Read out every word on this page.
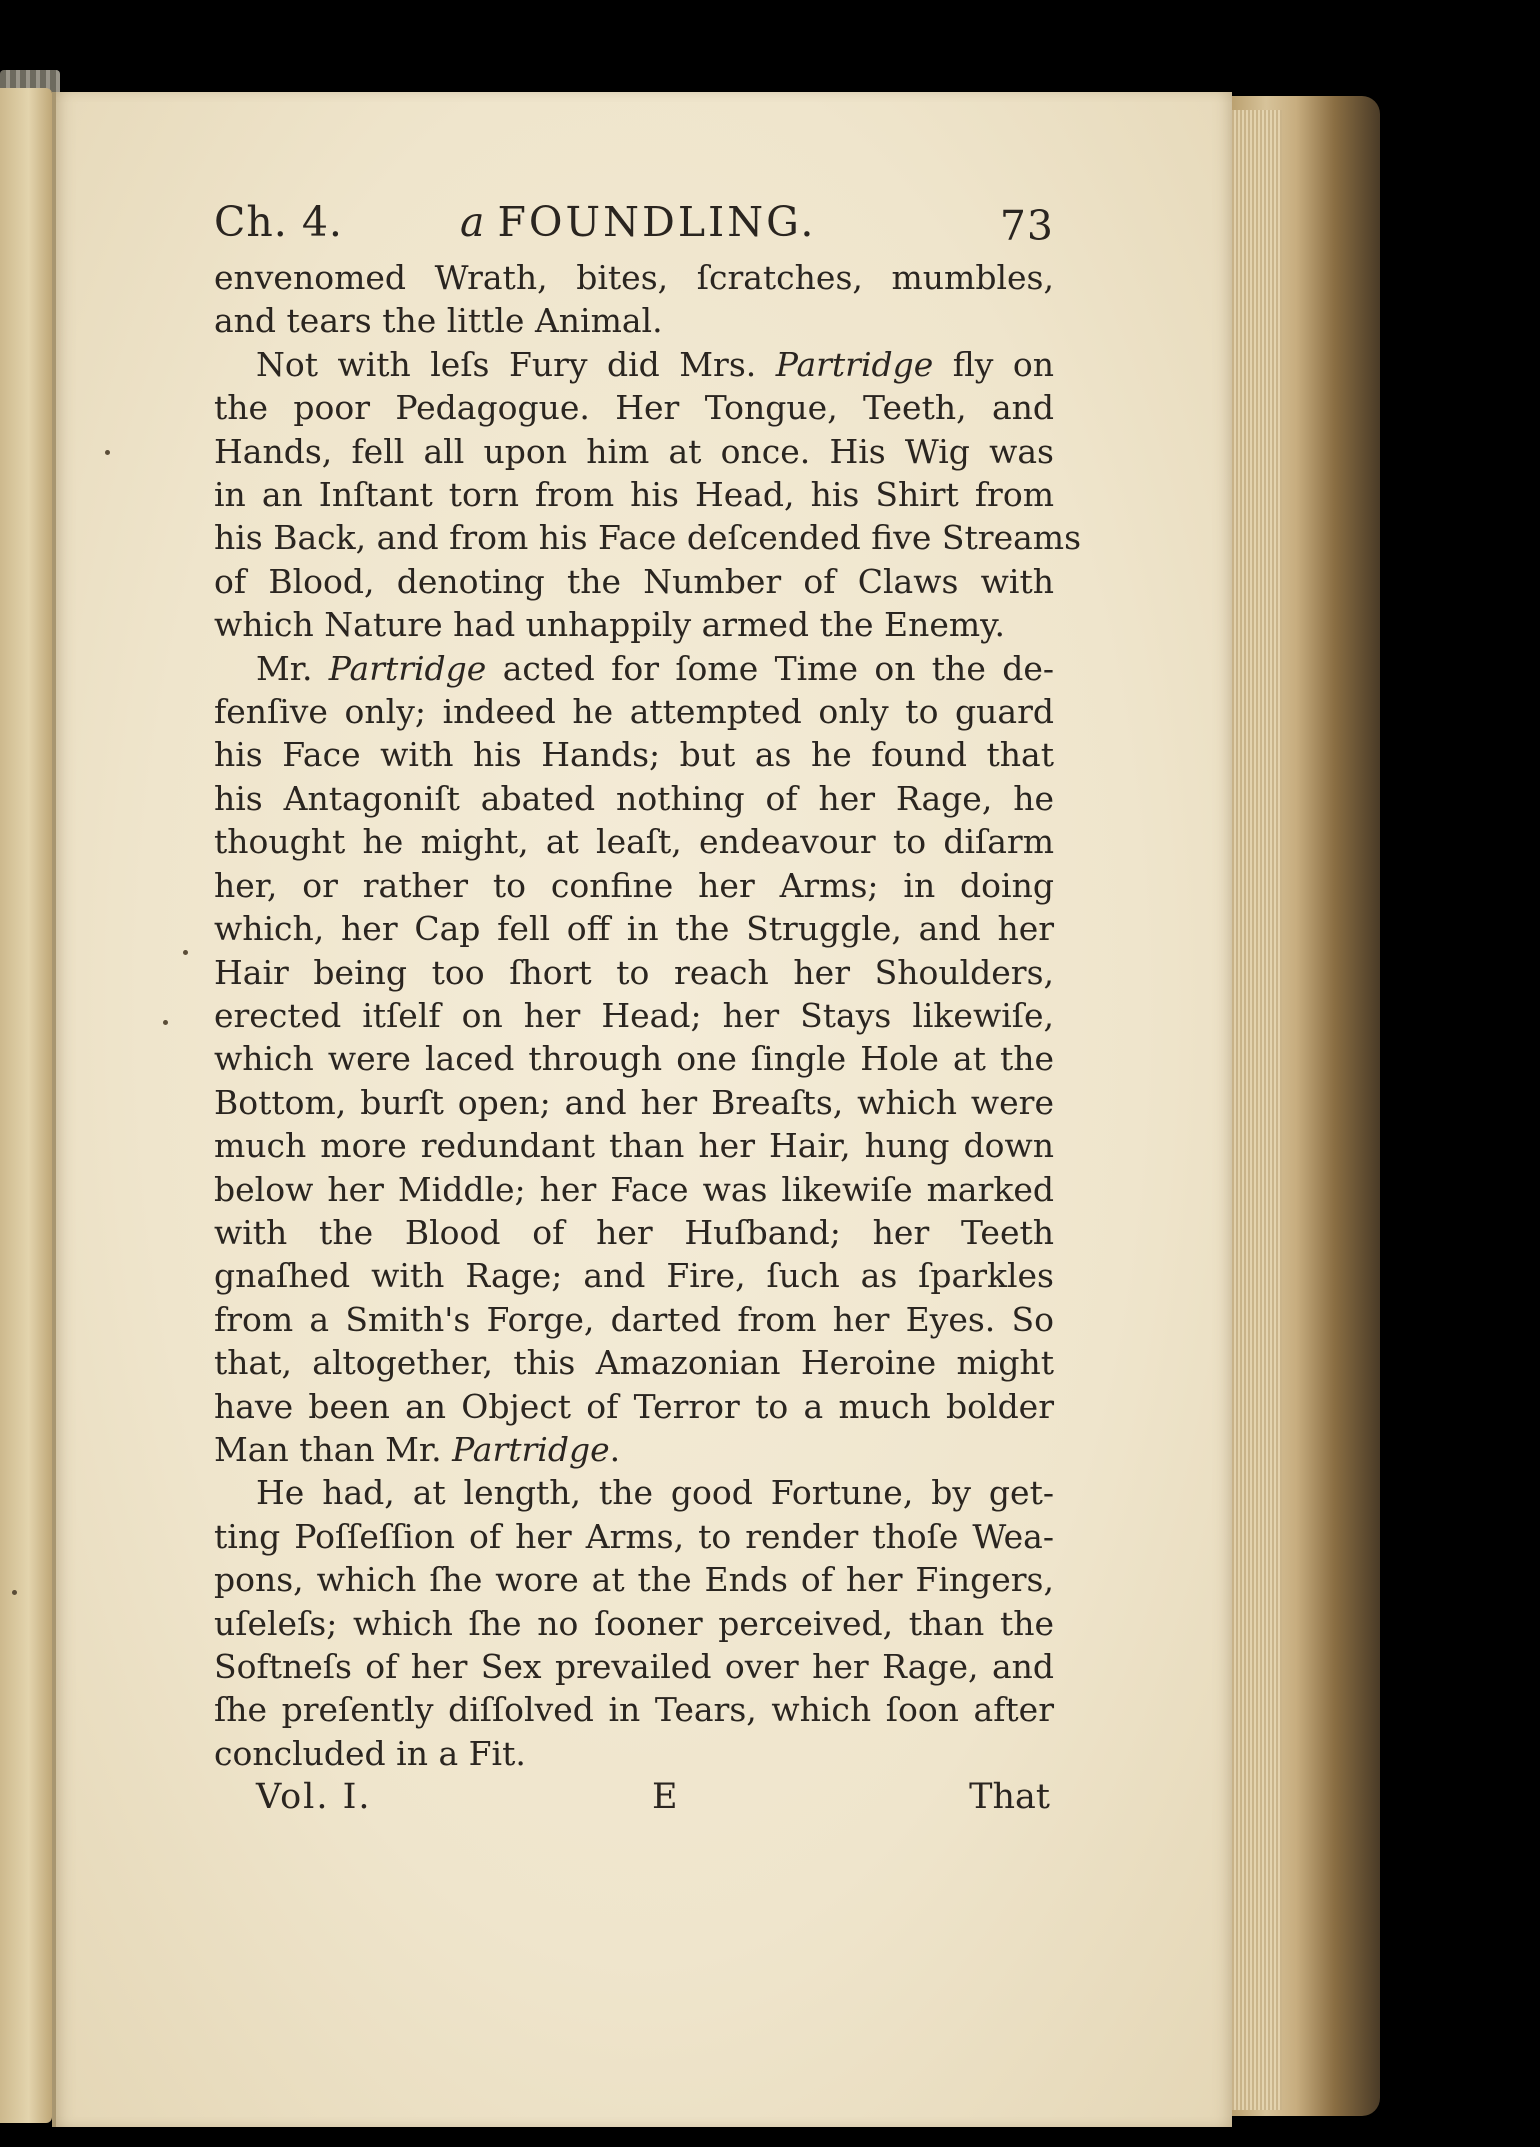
Ch. 4.	a FOUNDLING.	73
envenomed Wrath, bites, ſcratches, mumbles,
and tears the little Animal.
Not with leſs Fury did Mrs. Partridge fly on
the poor Pedagogue. Her Tongue, Teeth, and
Hands, fell all upon him at once. His Wig was
in an Inſtant torn from his Head, his Shirt from
his Back, and from his Face deſcended five Streams
of Blood, denoting the Number of Claws with
which Nature had unhappily armed the Enemy.
Mr. Partridge acted for ſome Time on the de-
fenſive only; indeed he attempted only to guard
his Face with his Hands; but as he found that
his Antagoniſt abated nothing of her Rage, he
thought he might, at leaſt, endeavour to diſarm
her, or rather to confine her Arms; in doing
which, her Cap fell off in the Struggle, and her
Hair being too ſhort to reach her Shoulders,
erected itſelf on her Head; her Stays likewiſe,
which were laced through one ſingle Hole at the
Bottom, burſt open; and her Breaſts, which were
much more redundant than her Hair, hung down
below her Middle; her Face was likewiſe marked
with the Blood of her Huſband; her Teeth
gnaſhed with Rage; and Fire, ſuch as ſparkles
from a Smith's Forge, darted from her Eyes. So
that, altogether, this Amazonian Heroine might
have been an Object of Terror to a much bolder
Man than Mr. Partridge.
He had, at length, the good Fortune, by get-
ting Poſſeſſion of her Arms, to render thoſe Wea-
pons, which ſhe wore at the Ends of her Fingers,
uſeleſs; which ſhe no ſooner perceived, than the
Softneſs of her Sex prevailed over her Rage, and
ſhe preſently diſſolved in Tears, which ſoon after
concluded in a Fit.
Vol. I.	E	That
